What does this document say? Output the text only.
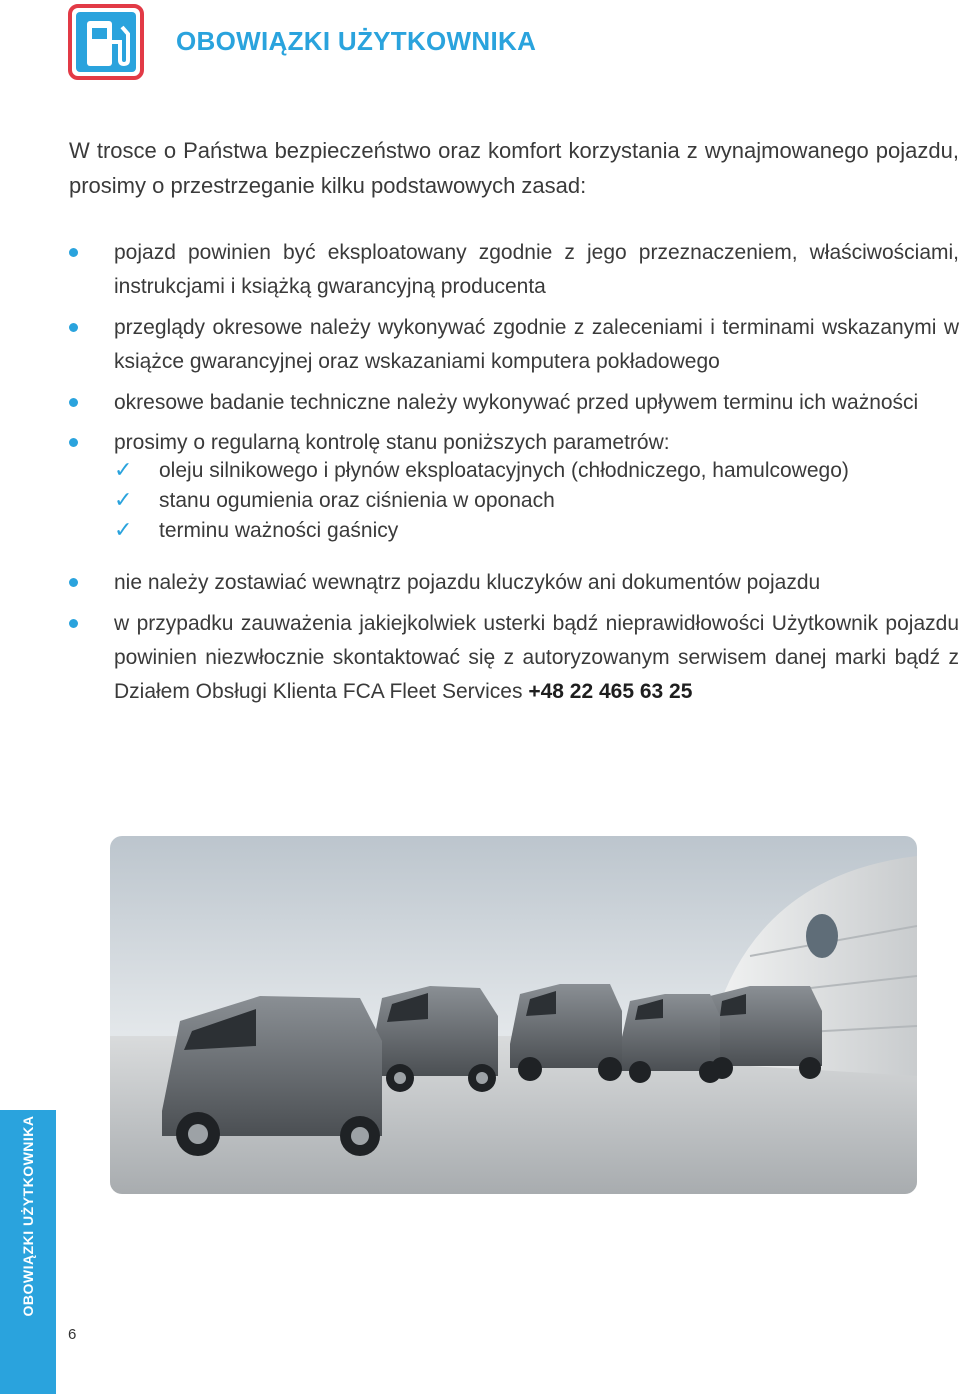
OBOWIĄZKI UŻYTKOWNIKA

W trosce o Państwa bezpieczeństwo oraz komfort korzystania z wynajmowanego pojazdu, prosimy o przestrzeganie kilku podstawowych zasad:

pojazd powinien być eksploatowany zgodnie z jego przeznaczeniem, właściwościami, instrukcjami i książką gwarancyjną producenta
przeglądy okresowe należy wykonywać zgodnie z zaleceniami i terminami wskazanymi w książce gwarancyjnej oraz wskazaniami komputera pokładowego
okresowe badanie techniczne należy wykonywać przed upływem terminu ich ważności
prosimy o regularną kontrolę stanu poniższych parametrów:
✓ oleju silnikowego i płynów eksploatacyjnych (chłodniczego, hamulcowego)
✓ stanu ogumienia oraz ciśnienia w oponach
✓ terminu ważności gaśnicy
nie należy zostawiać wewnątrz pojazdu kluczyków ani dokumentów pojazdu
w przypadku zauważenia jakiejkolwiek usterki bądź nieprawidłowości Użytkownik pojazdu powinien niezwłocznie skontaktować się z autoryzowanym serwisem danej marki bądź z Działem Obsługi Klienta FCA Fleet Services +48 22 465 63 25
OBOWIĄZKI UŻYTKOWNIKA
6
